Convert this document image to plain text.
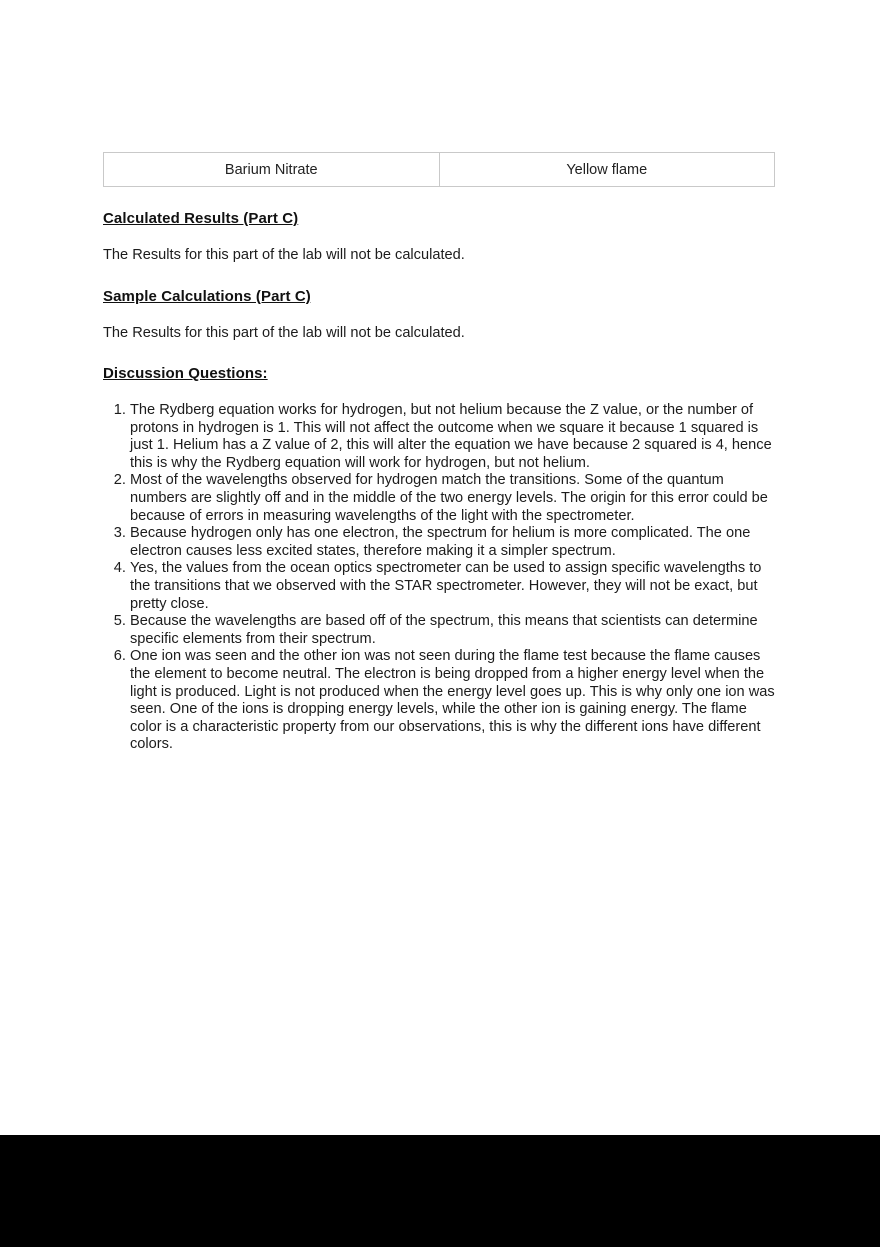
Barium Nitrate	Yellow flame
Calculated Results (Part C)

The Results for this part of the lab will not be calculated.

Sample Calculations (Part C)

The Results for this part of the lab will not be calculated.

Discussion Questions:
1. The Rydberg equation works for hydrogen, but not helium because the Z value, or the number of protons in hydrogen is 1. This will not affect the outcome when we square it because 1 squared is just 1. Helium has a Z value of 2, this will alter the equation we have because 2 squared is 4, hence this is why the Rydberg equation will work for hydrogen, but not helium.
2. Most of the wavelengths observed for hydrogen match the transitions. Some of the quantum numbers are slightly off and in the middle of the two energy levels. The origin for this error could be because of errors in measuring wavelengths of the light with the spectrometer.
3. Because hydrogen only has one electron, the spectrum for helium is more complicated. The one electron causes less excited states, therefore making it a simpler spectrum.
4. Yes, the values from the ocean optics spectrometer can be used to assign specific wavelengths to the transitions that we observed with the STAR spectrometer. However, they will not be exact, but pretty close.
5. Because the wavelengths are based off of the spectrum, this means that scientists can determine specific elements from their spectrum.
6. One ion was seen and the other ion was not seen during the flame test because the flame causes the element to become neutral. The electron is being dropped from a higher energy level when the light is produced. Light is not produced when the energy level goes up. This is why only one ion was seen. One of the ions is dropping energy levels, while the other ion is gaining energy. The flame color is a characteristic property from our observations, this is why the different ions have different colors.
